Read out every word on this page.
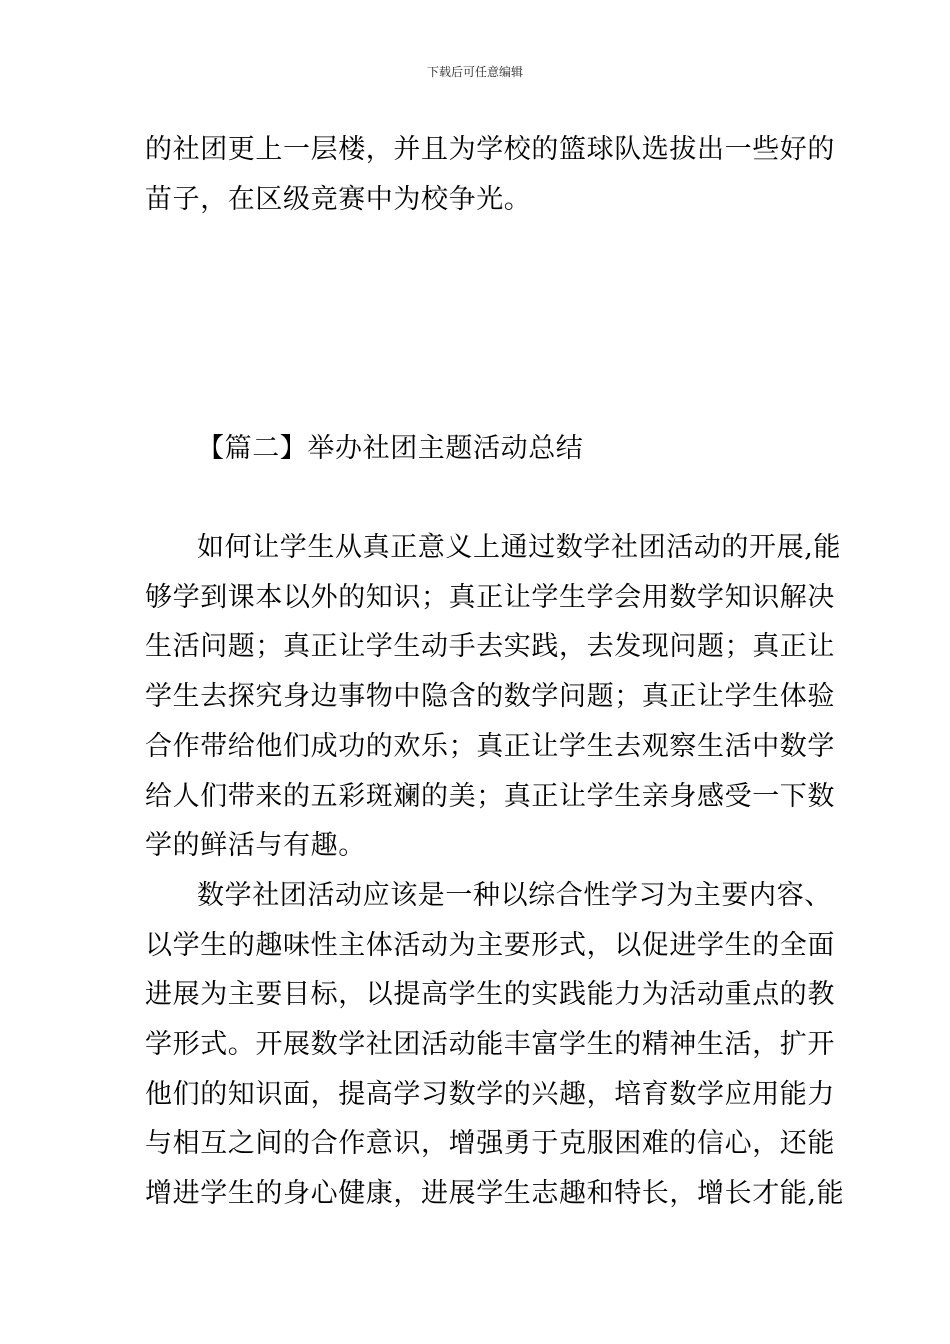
下载后可任意编辑
的社团更上一层楼，并且为学校的篮球队选拔出一些好的
苗子，在区级竞赛中为校争光。
【篇二】举办社团主题活动总结
如何让学生从真正意义上通过数学社团活动的开展,能
够学到课本以外的知识；真正让学生学会用数学知识解决
生活问题；真正让学生动手去实践，去发现问题；真正让
学生去探究身边事物中隐含的数学问题；真正让学生体验
合作带给他们成功的欢乐；真正让学生去观察生活中数学
给人们带来的五彩斑斓的美；真正让学生亲身感受一下数
学的鲜活与有趣。
数学社团活动应该是一种以综合性学习为主要内容、
以学生的趣味性主体活动为主要形式，以促进学生的全面
进展为主要目标，以提高学生的实践能力为活动重点的教
学形式。开展数学社团活动能丰富学生的精神生活，扩开
他们的知识面，提高学习数学的兴趣，培育数学应用能力
与相互之间的合作意识，增强勇于克服困难的信心，还能
增进学生的身心健康，进展学生志趣和特长，增长才能,能
